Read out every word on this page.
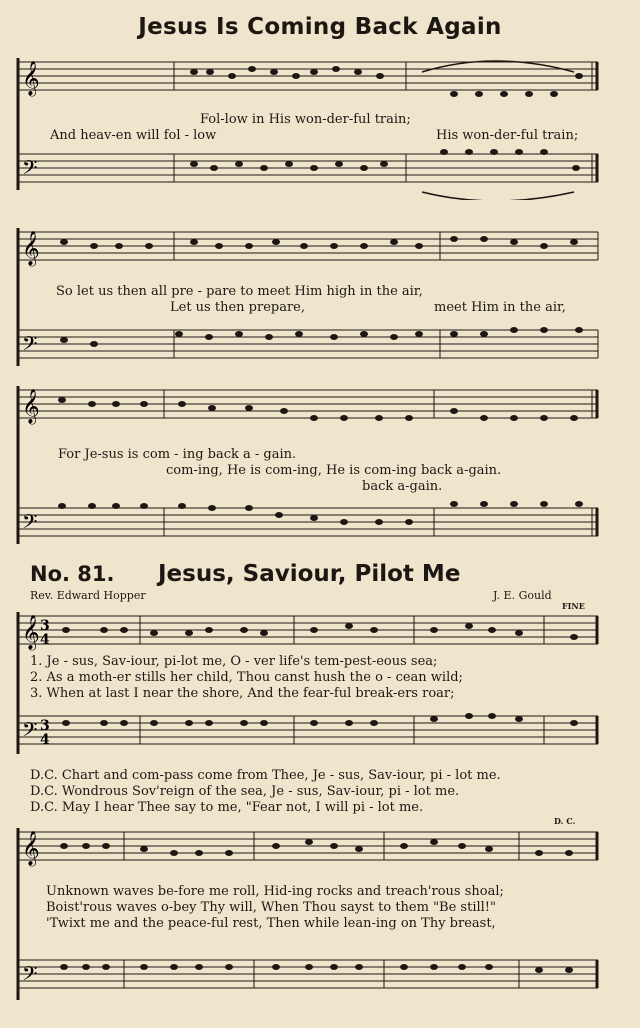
Jesus Is Coming Back Again
𝄞
𝄢
Fol-low in His won-der-ful train;
And heav-en will fol - low	His won-der-ful train;
𝄞
𝄢
So let us then all pre - pare to meet Him high in the air,
Let us then prepare,	meet Him in the air,
𝄞
𝄢
For Je-sus is com - ing back a - gain.
com-ing, He is com-ing, He is com-ing back a-gain.
back a-gain.
No. 81. Jesus, Saviour, Pilot Me
Rev. Edward Hopper	J. E. Gould
FINE
𝄞
𝄢
3
4
3
4
1. Je - sus, Sav-iour, pi-lot me, O - ver life's tem-pest-eous sea;
2. As a moth-er stills her child, Thou canst hush the o - cean wild;
3. When at last I near the shore, And the fear-ful break-ers roar;
D.C. Chart and com-pass come from Thee, Je - sus, Sav-iour, pi - lot me.
D.C. Wondrous Sov'reign of the sea, Je - sus, Sav-iour, pi - lot me.
D.C. May I hear Thee say to me, "Fear not, I will pi - lot me.
D. C.
𝄞
𝄢
Unknown waves be-fore me roll, Hid-ing rocks and treach'rous shoal;
Boist'rous waves o-bey Thy will, When Thou sayst to them "Be still!"
'Twixt me and the peace-ful rest, Then while lean-ing on Thy breast,
